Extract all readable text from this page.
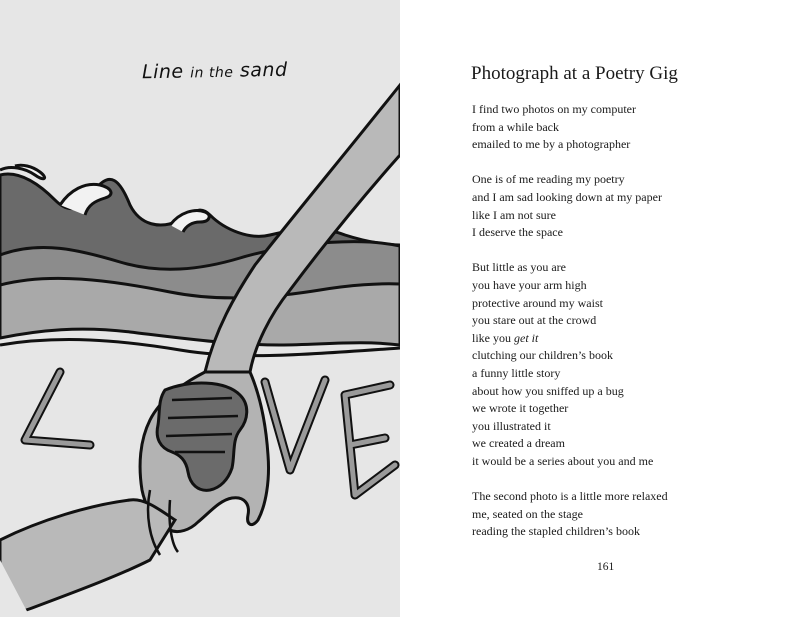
Line in the sand	Photograph at a Poetry Gig
I find two photos on my computer
from a while back
emailed to me by a photographer
One is of me reading my poetry
and I am sad looking down at my paper
like I am not sure
I deserve the space
But little as you are
you have your arm high
protective around my waist
you stare out at the crowd
like you get it
clutching our children’s book
a funny little story
about how you sniffed up a bug
we wrote it together
you illustrated it
we created a dream
it would be a series about you and me
The second photo is a little more relaxed
me, seated on the stage
reading the stapled children’s book
161
